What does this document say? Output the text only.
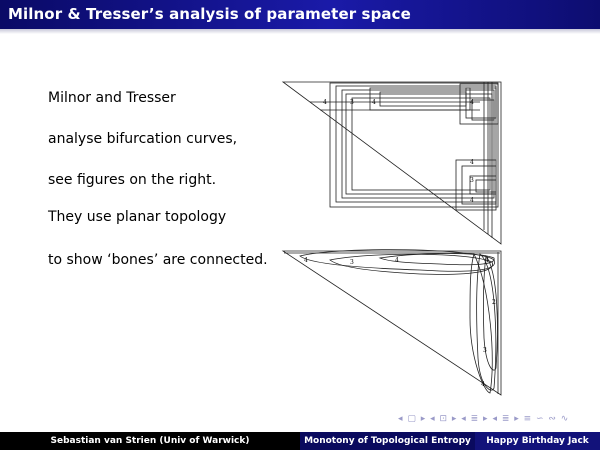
Milnor & Tresser’s analysis of parameter space
Milnor and Tresser
analyse bifurcation curves,
see figures on the right.
They use planar topology
to show ‘bones’ are connected.
4	3	4	4
4
3
4
4	3	4	4
2
3
4
◂ ▢ ▸ ◂ ⊡ ▸ ◂ ≣ ▸ ◂ ≣ ▸ ≡ ∽ ∾ ∿
Sebastian van Strien (Univ of Warwick)	Monotony of Topological Entropy	Happy Birthday Jack
